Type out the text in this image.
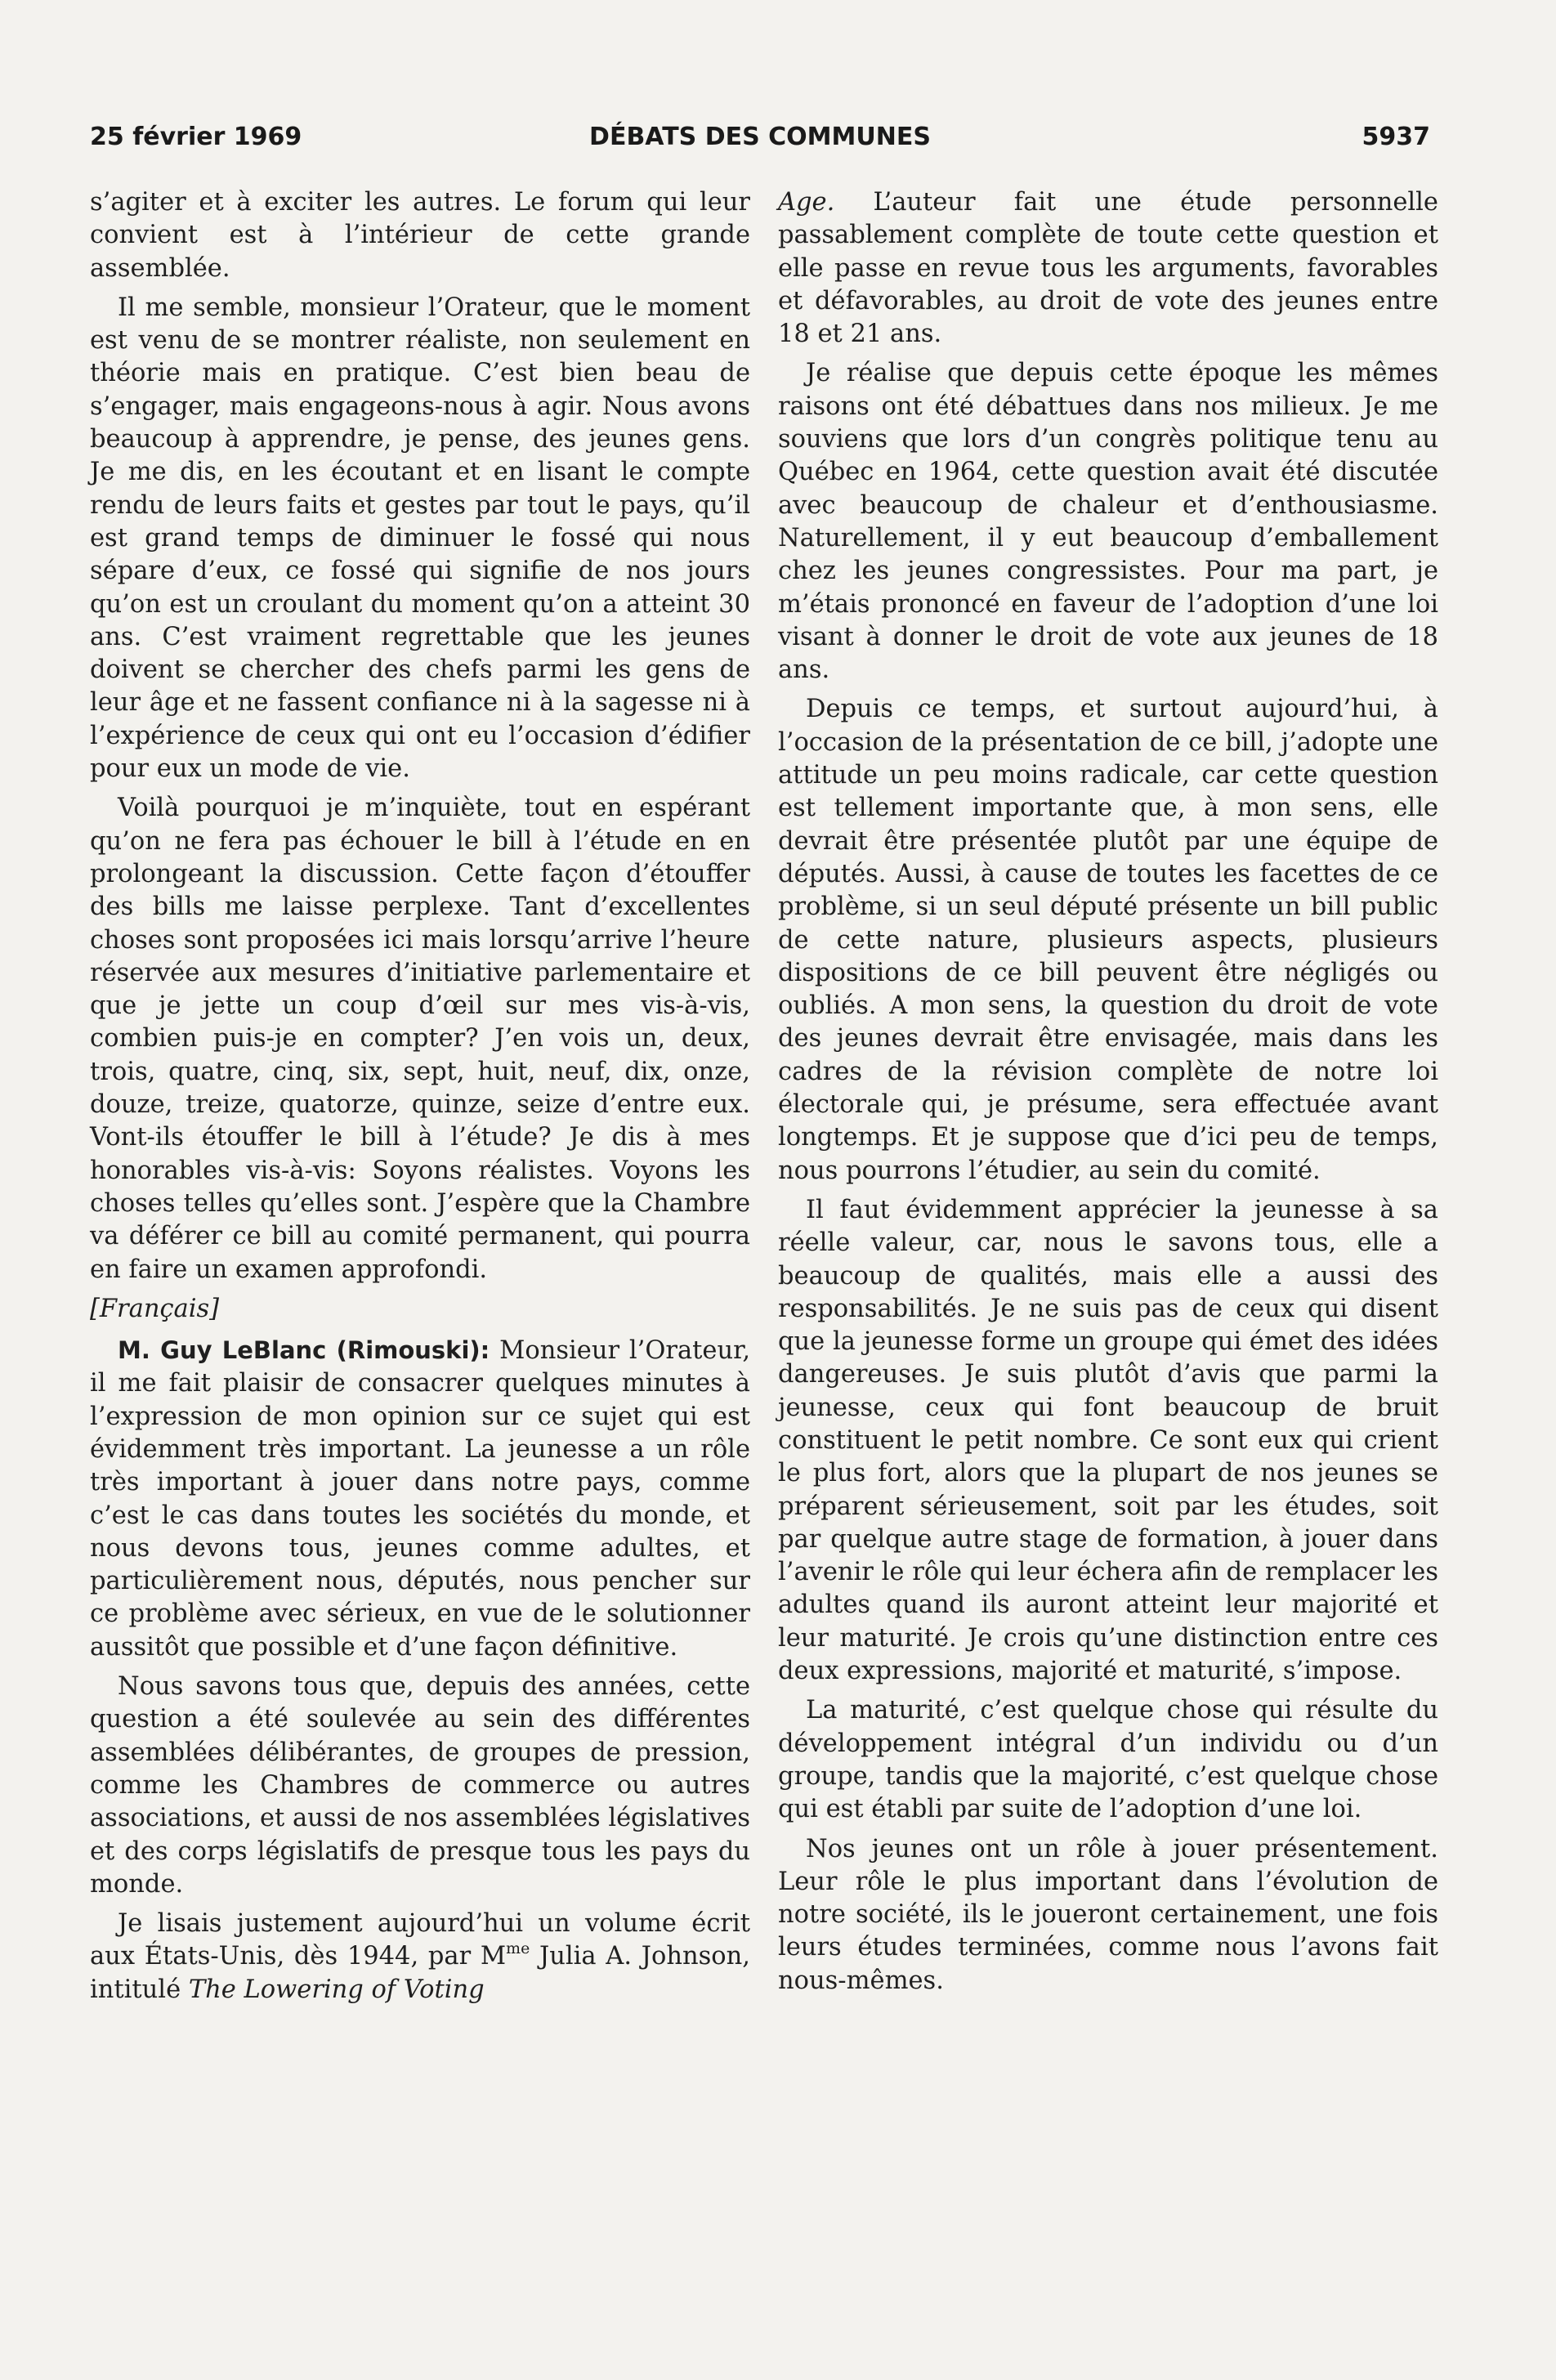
25 février 1969	DÉBATS DES COMMUNES	5937

s’agiter et à exciter les autres. Le forum qui leur convient est à l’intérieur de cette grande assemblée.

Il me semble, monsieur l’Orateur, que le moment est venu de se montrer réaliste, non seulement en théorie mais en pratique. C’est bien beau de s’engager, mais engageons-nous à agir. Nous avons beaucoup à apprendre, je pense, des jeunes gens. Je me dis, en les écoutant et en lisant le compte rendu de leurs faits et gestes par tout le pays, qu’il est grand temps de diminuer le fossé qui nous sépare d’eux, ce fossé qui signifie de nos jours qu’on est un croulant du moment qu’on a atteint 30 ans. C’est vraiment regrettable que les jeunes doivent se chercher des chefs parmi les gens de leur âge et ne fassent confiance ni à la sagesse ni à l’expérience de ceux qui ont eu l’occasion d’édifier pour eux un mode de vie.

Voilà pourquoi je m’inquiète, tout en espérant qu’on ne fera pas échouer le bill à l’étude en en prolongeant la discussion. Cette façon d’étouffer des bills me laisse perplexe. Tant d’excellentes choses sont proposées ici mais lorsqu’arrive l’heure réservée aux mesures d’initiative parlementaire et que je jette un coup d’œil sur mes vis-à-vis, combien puis-je en compter? J’en vois un, deux, trois, quatre, cinq, six, sept, huit, neuf, dix, onze, douze, treize, quatorze, quinze, seize d’entre eux. Vont-ils étouffer le bill à l’étude? Je dis à mes honorables vis-à-vis: Soyons réalistes. Voyons les choses telles qu’elles sont. J’espère que la Chambre va déférer ce bill au comité permanent, qui pourra en faire un examen approfondi.

[Français]

M. Guy LeBlanc (Rimouski): Monsieur l’Orateur, il me fait plaisir de consacrer quelques minutes à l’expression de mon opinion sur ce sujet qui est évidemment très important. La jeunesse a un rôle très important à jouer dans notre pays, comme c’est le cas dans toutes les sociétés du monde, et nous devons tous, jeunes comme adultes, et particulièrement nous, députés, nous pencher sur ce problème avec sérieux, en vue de le solutionner aussitôt que possible et d’une façon définitive.

Nous savons tous que, depuis des années, cette question a été soulevée au sein des différentes assemblées délibérantes, de groupes de pression, comme les Chambres de commerce ou autres associations, et aussi de nos assemblées législatives et des corps législatifs de presque tous les pays du monde.

Je lisais justement aujourd’hui un volume écrit aux États-Unis, dès 1944, par $M^{me}$ Julia A. Johnson, intitulé The Lowering of Voting

Age. L’auteur fait une étude personnelle passablement complète de toute cette question et elle passe en revue tous les arguments, favorables et défavorables, au droit de vote des jeunes entre 18 et 21 ans.

Je réalise que depuis cette époque les mêmes raisons ont été débattues dans nos milieux. Je me souviens que lors d’un congrès politique tenu au Québec en 1964, cette question avait été discutée avec beaucoup de chaleur et d’enthousiasme. Naturellement, il y eut beaucoup d’emballement chez les jeunes congressistes. Pour ma part, je m’étais prononcé en faveur de l’adoption d’une loi visant à donner le droit de vote aux jeunes de 18 ans.

Depuis ce temps, et surtout aujourd’hui, à l’occasion de la présentation de ce bill, j’adopte une attitude un peu moins radicale, car cette question est tellement importante que, à mon sens, elle devrait être présentée plutôt par une équipe de députés. Aussi, à cause de toutes les facettes de ce problème, si un seul député présente un bill public de cette nature, plusieurs aspects, plusieurs dispositions de ce bill peuvent être négligés ou oubliés. A mon sens, la question du droit de vote des jeunes devrait être envisagée, mais dans les cadres de la révision complète de notre loi électorale qui, je présume, sera effectuée avant longtemps. Et je suppose que d’ici peu de temps, nous pourrons l’étudier, au sein du comité.

Il faut évidemment apprécier la jeunesse à sa réelle valeur, car, nous le savons tous, elle a beaucoup de qualités, mais elle a aussi des responsabilités. Je ne suis pas de ceux qui disent que la jeunesse forme un groupe qui émet des idées dangereuses. Je suis plutôt d’avis que parmi la jeunesse, ceux qui font beaucoup de bruit constituent le petit nombre. Ce sont eux qui crient le plus fort, alors que la plupart de nos jeunes se préparent sérieusement, soit par les études, soit par quelque autre stage de formation, à jouer dans l’avenir le rôle qui leur échera afin de remplacer les adultes quand ils auront atteint leur majorité et leur maturité. Je crois qu’une distinction entre ces deux expressions, majorité et maturité, s’impose.

La maturité, c’est quelque chose qui résulte du développement intégral d’un individu ou d’un groupe, tandis que la majorité, c’est quelque chose qui est établi par suite de l’adoption d’une loi.

Nos jeunes ont un rôle à jouer présentement. Leur rôle le plus important dans l’évolution de notre société, ils le joueront certainement, une fois leurs études terminées, comme nous l’avons fait nous-mêmes.
